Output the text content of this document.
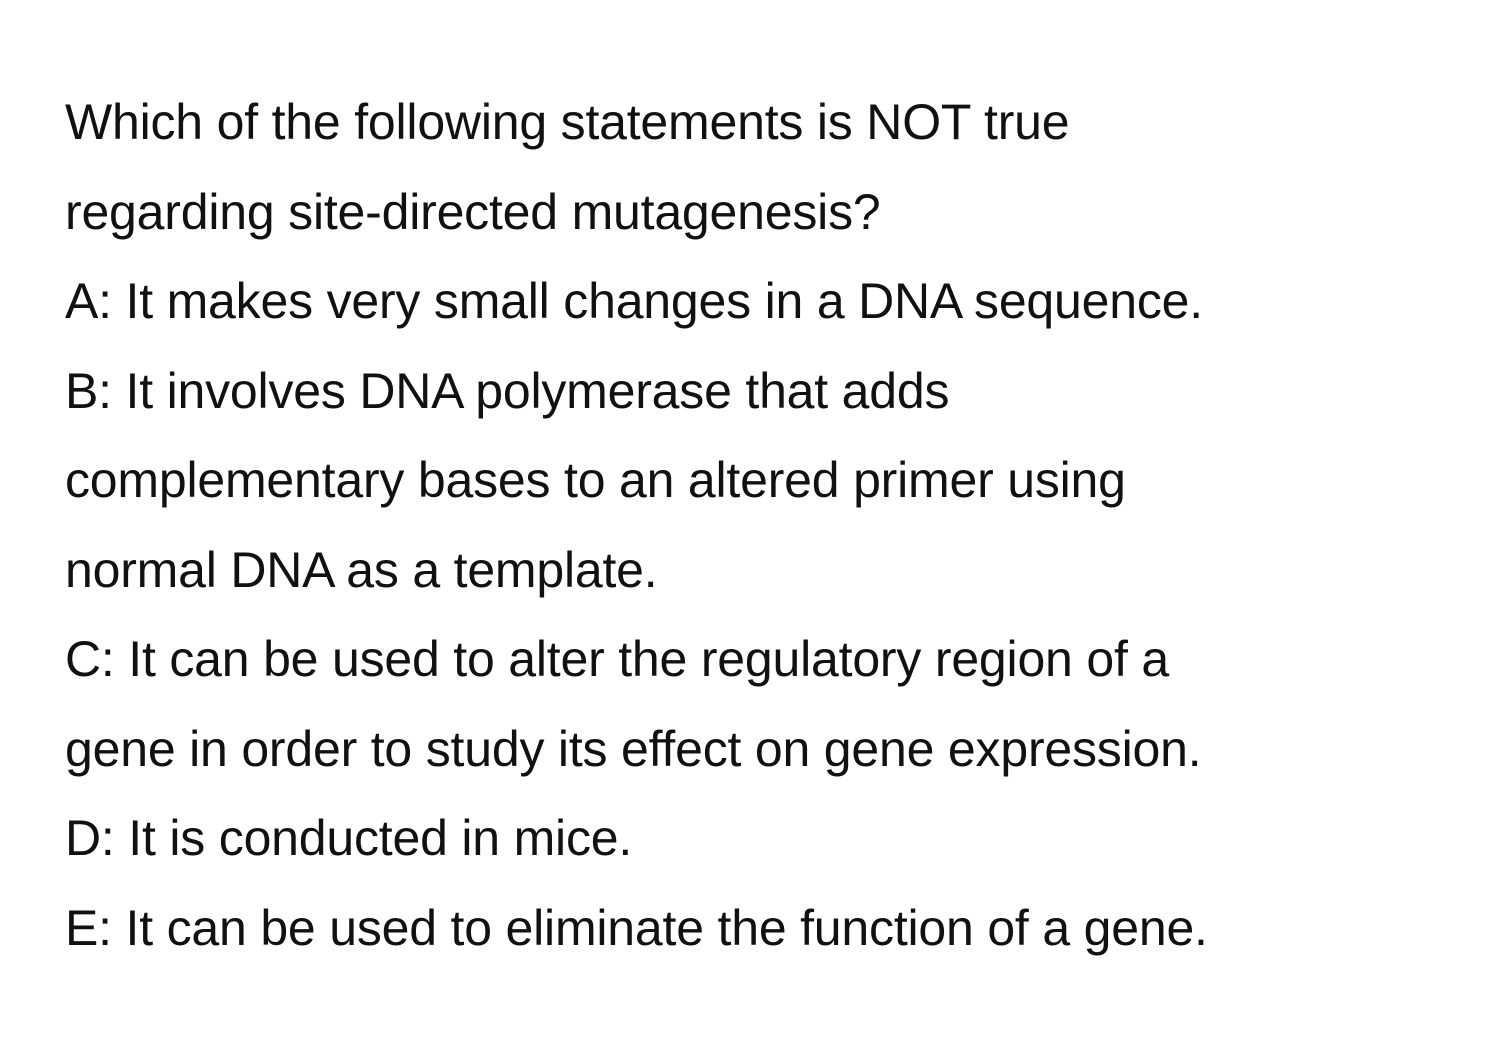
Which of the following statements is NOT true
regarding site-directed mutagenesis?
A: It makes very small changes in a DNA sequence.
B: It involves DNA polymerase that adds
complementary bases to an altered primer using
normal DNA as a template.
C: It can be used to alter the regulatory region of a
gene in order to study its effect on gene expression.
D: It is conducted in mice.
E: It can be used to eliminate the function of a gene.
